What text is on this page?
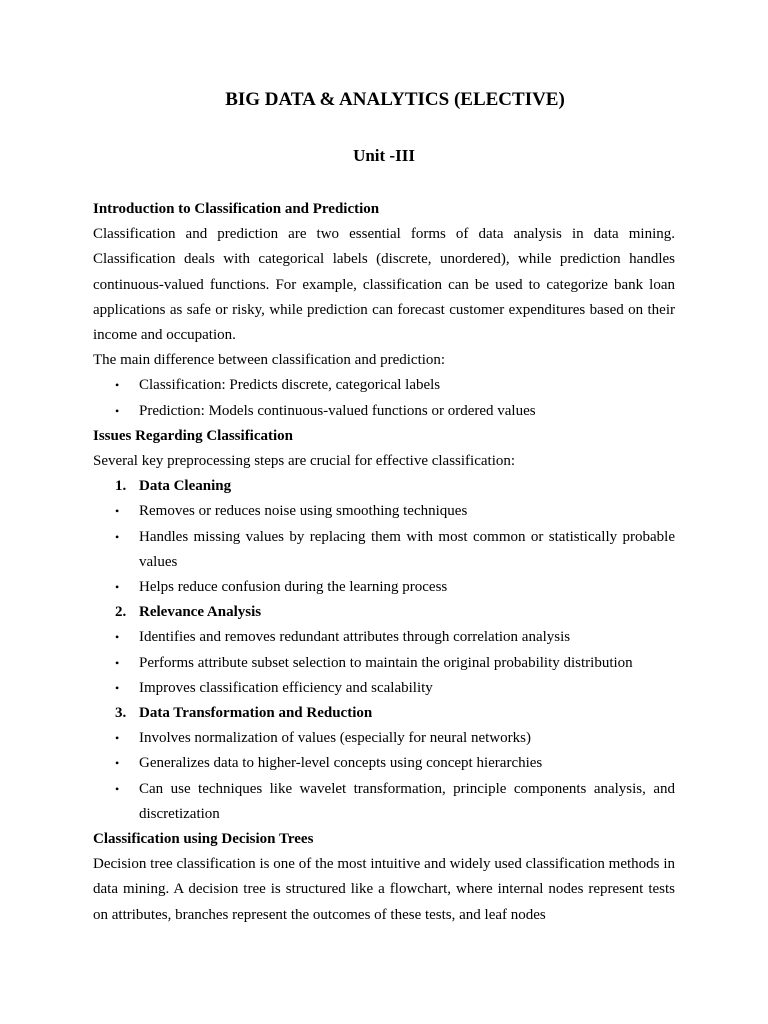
BIG DATA & ANALYTICS (ELECTIVE)
Unit -III
Introduction to Classification and Prediction

Classification and prediction are two essential forms of data analysis in data mining. Classification deals with categorical labels (discrete, unordered), while prediction handles continuous-valued functions. For example, classification can be used to categorize bank loan applications as safe or risky, while prediction can forecast customer expenditures based on their income and occupation.

The main difference between classification and prediction:

• Classification: Predicts discrete, categorical labels
• Prediction: Models continuous-valued functions or ordered values
Issues Regarding Classification

Several key preprocessing steps are crucial for effective classification:

1. Data Cleaning
• Removes or reduces noise using smoothing techniques
• Handles missing values by replacing them with most common or statistically probable values
• Helps reduce confusion during the learning process
2. Relevance Analysis
• Identifies and removes redundant attributes through correlation analysis
• Performs attribute subset selection to maintain the original probability distribution
• Improves classification efficiency and scalability
3. Data Transformation and Reduction
• Involves normalization of values (especially for neural networks)
• Generalizes data to higher-level concepts using concept hierarchies
• Can use techniques like wavelet transformation, principle components analysis, and discretization
Classification using Decision Trees

Decision tree classification is one of the most intuitive and widely used classification methods in data mining. A decision tree is structured like a flowchart, where internal nodes represent tests on attributes, branches represent the outcomes of these tests, and leaf nodes
